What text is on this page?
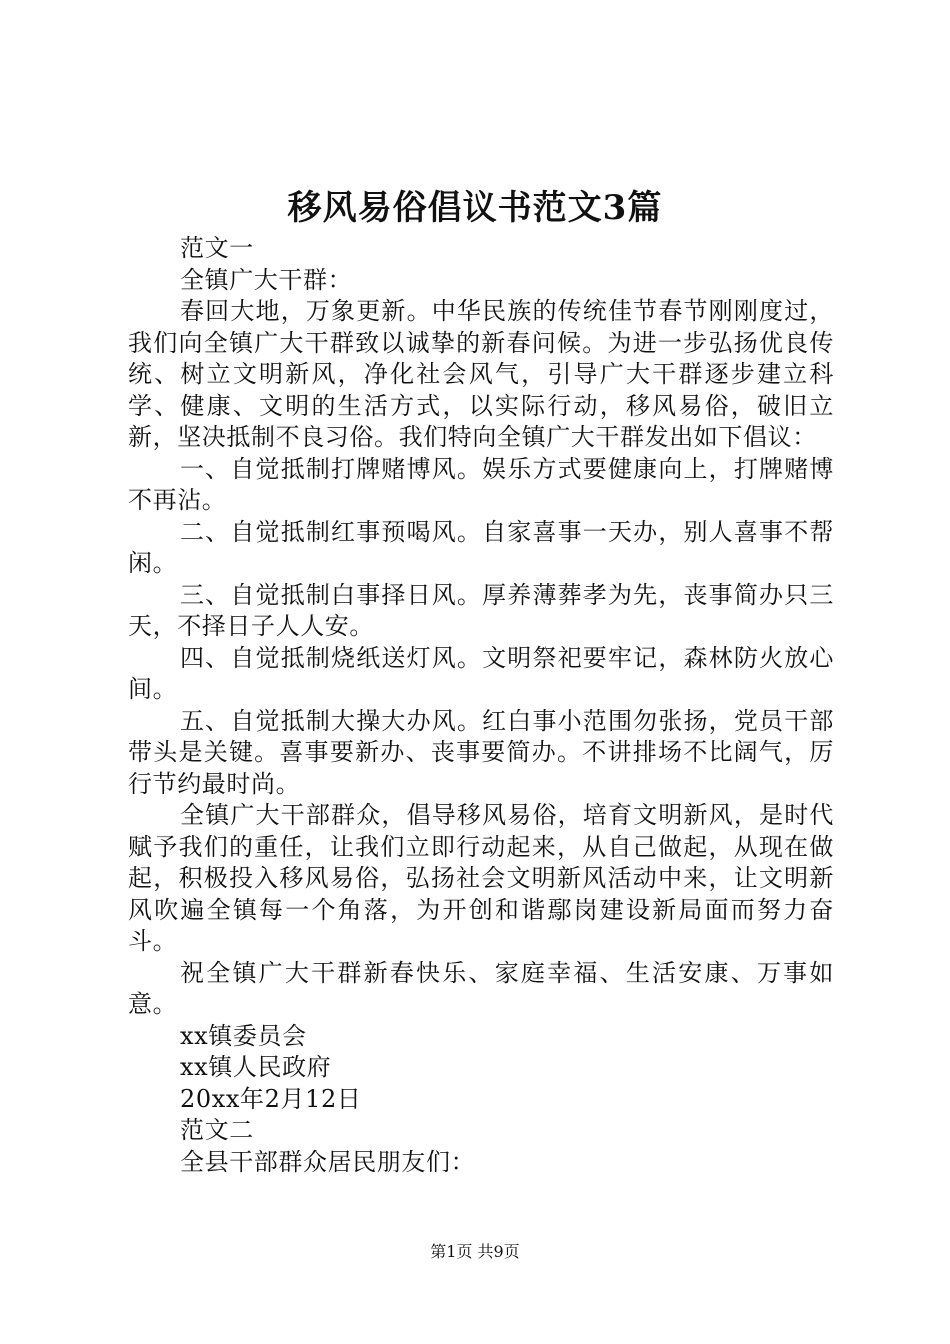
移风易俗倡议书范文3篇

范文一

全镇广大干群：

春回大地，万象更新。中华民族的传统佳节春节刚刚度过，我们向全镇广大干群致以诚挚的新春问候。为进一步弘扬优良传统、树立文明新风，净化社会风气，引导广大干群逐步建立科学、健康、文明的生活方式，以实际行动，移风易俗，破旧立新，坚决抵制不良习俗。我们特向全镇广大干群发出如下倡议：

一、自觉抵制打牌赌博风。娱乐方式要健康向上，打牌赌博不再沾。

二、自觉抵制红事预喝风。自家喜事一天办，别人喜事不帮闲。

三、自觉抵制白事择日风。厚养薄葬孝为先，丧事简办只三天，不择日子人人安。

四、自觉抵制烧纸送灯风。文明祭祀要牢记，森林防火放心间。

五、自觉抵制大操大办风。红白事小范围勿张扬，党员干部带头是关键。喜事要新办、丧事要简办。不讲排场不比阔气，厉行节约最时尚。

全镇广大干部群众，倡导移风易俗，培育文明新风，是时代赋予我们的重任，让我们立即行动起来，从自己做起，从现在做起，积极投入移风易俗，弘扬社会文明新风活动中来，让文明新风吹遍全镇每一个角落，为开创和谐鄢岗建设新局面而努力奋斗。

祝全镇广大干群新春快乐、家庭幸福、生活安康、万事如意。

xx镇委员会

xx镇人民政府

20xx年2月12日

范文二

全县干部群众居民朋友们：

第1页 共9页
